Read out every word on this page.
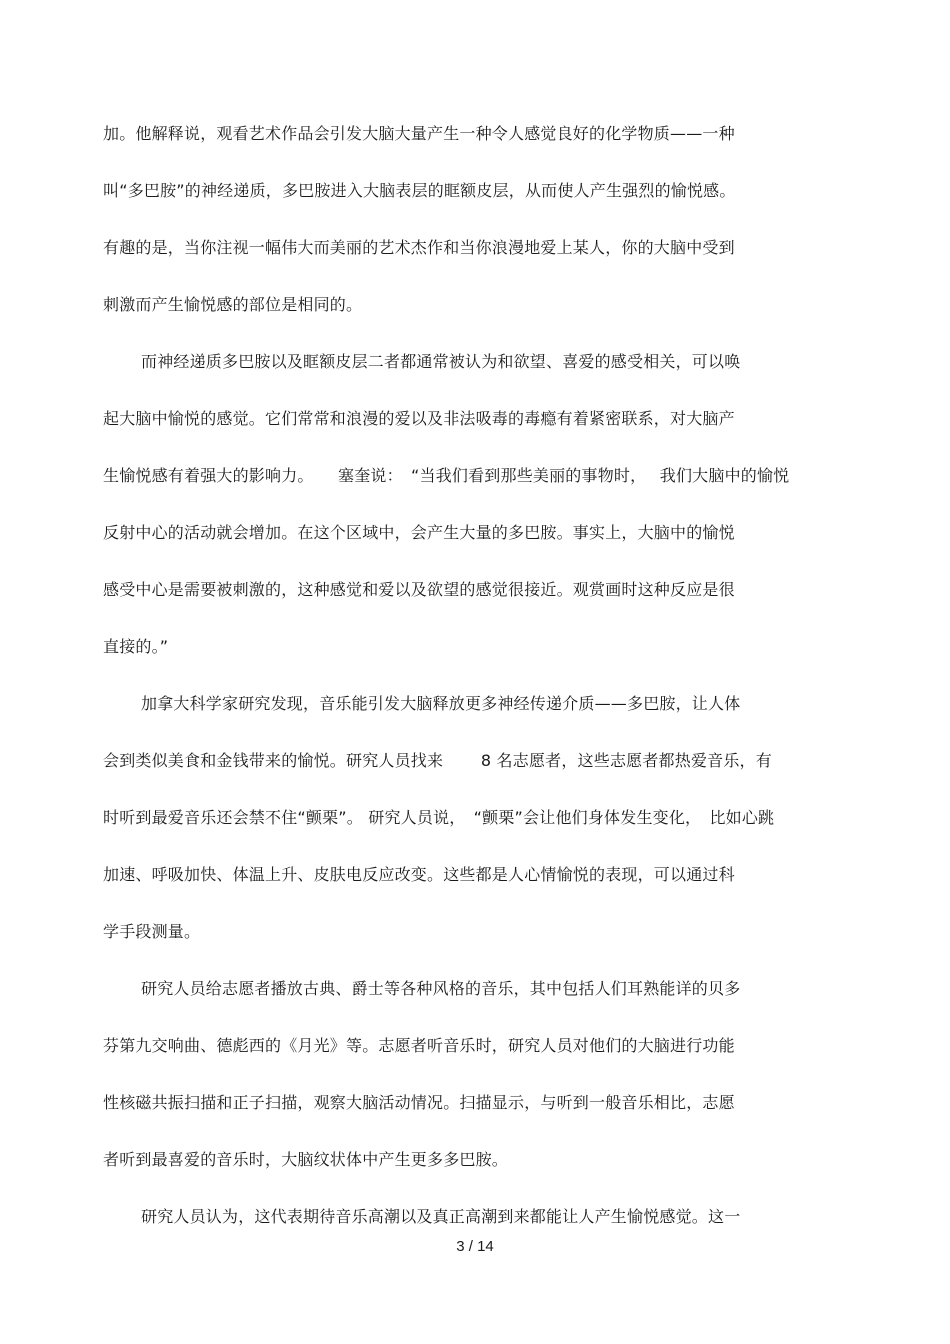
加。他解释说，观看艺术作品会引发大脑大量产生一种令人感觉良好的化学物质——一种
叫“多巴胺”的神经递质，多巴胺进入大脑表层的眶额皮层，从而使人产生强烈的愉悦感。
有趣的是，当你注视一幅伟大而美丽的艺术杰作和当你浪漫地爱上某人，你的大脑中受到
刺激而产生愉悦感的部位是相同的。
而神经递质多巴胺以及眶额皮层二者都通常被认为和欲望、喜爱的感受相关，可以唤
起大脑中愉悦的感觉。它们常常和浪漫的爱以及非法吸毒的毒瘾有着紧密联系，对大脑产
生愉悦感有着强大的影响力。　　塞奎说：　“当我们看到那些美丽的事物时，　 我们大脑中的愉悦
反射中心的活动就会增加。在这个区域中，会产生大量的多巴胺。事实上，大脑中的愉悦
感受中心是需要被刺激的，这种感觉和爱以及欲望的感觉很接近。观赏画时这种反应是很
直接的。”
加拿大科学家研究发现，音乐能引发大脑释放更多神经传递介质——多巴胺，让人体
会到类似美食和金钱带来的愉悦。研究人员找来　　 8 名志愿者，这些志愿者都热爱音乐，有
时听到最爱音乐还会禁不住“颤栗”。 研究人员说，　“颤栗”会让他们身体发生变化，　比如心跳
加速、呼吸加快、体温上升、皮肤电反应改变。这些都是人心情愉悦的表现，可以通过科
学手段测量。
研究人员给志愿者播放古典、爵士等各种风格的音乐，其中包括人们耳熟能详的贝多
芬第九交响曲、德彪西的《月光》等。志愿者听音乐时，研究人员对他们的大脑进行功能
性核磁共振扫描和正子扫描，观察大脑活动情况。扫描显示，与听到一般音乐相比，志愿
者听到最喜爱的音乐时，大脑纹状体中产生更多多巴胺。
研究人员认为，这代表期待音乐高潮以及真正高潮到来都能让人产生愉悦感觉。这一
3 / 14
